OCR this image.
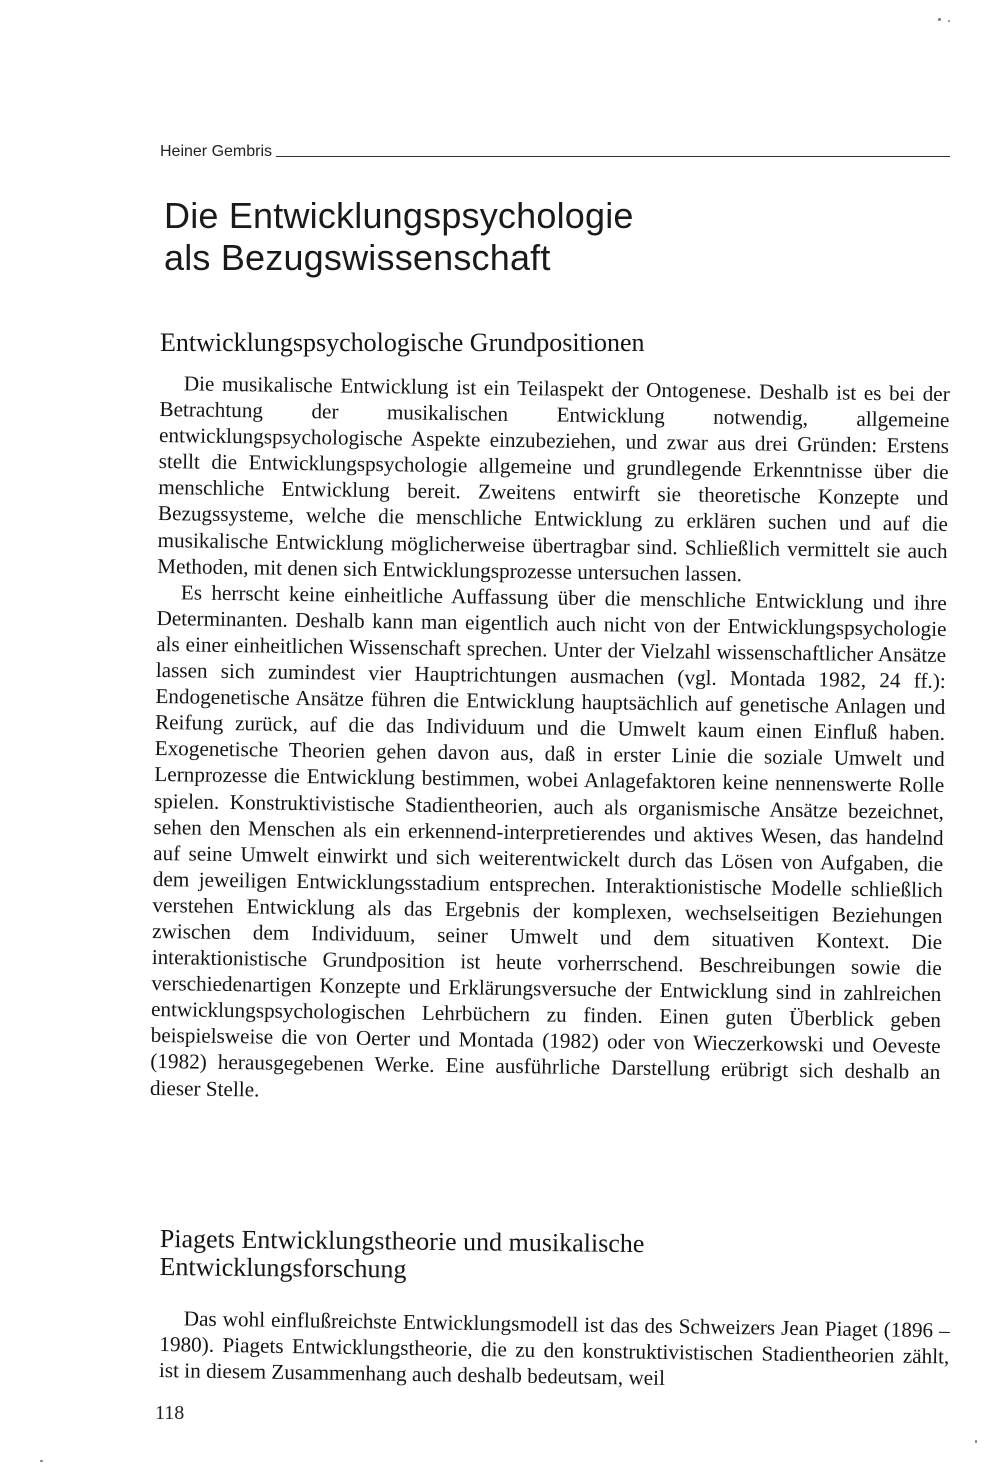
Heiner Gembris
Die Entwicklungspsychologie
als Bezugswissenschaft
Entwicklungspsychologische Grundpositionen

Die musikalische Entwicklung ist ein Teilaspekt der Ontogenese. Deshalb ist es bei der Betrachtung der musikalischen Entwicklung notwendig, allgemeine entwicklungspsychologische Aspekte einzubeziehen, und zwar aus drei Gründen: Erstens stellt die Entwicklungspsychologie allgemeine und grundlegende Erkenntnisse über die menschliche Entwicklung bereit. Zweitens entwirft sie theoretische Konzepte und Bezugssysteme, welche die menschliche Entwicklung zu erklären suchen und auf die musikalische Entwicklung möglicherweise übertragbar sind. Schließlich vermittelt sie auch Methoden, mit denen sich Entwicklungsprozesse untersuchen lassen.

Es herrscht keine einheitliche Auffassung über die menschliche Entwicklung und ihre Determinanten. Deshalb kann man eigentlich auch nicht von der Entwicklungspsychologie als einer einheitlichen Wissenschaft sprechen. Unter der Vielzahl wissenschaftlicher Ansätze lassen sich zumindest vier Hauptrichtungen ausmachen (vgl. Montada 1982, 24 ff.): Endogenetische Ansätze führen die Entwicklung hauptsächlich auf genetische Anlagen und Reifung zurück, auf die das Individuum und die Umwelt kaum einen Einfluß haben. Exogenetische Theorien gehen davon aus, daß in erster Linie die soziale Umwelt und Lernprozesse die Entwicklung bestimmen, wobei Anlagefaktoren keine nennenswerte Rolle spielen. Konstruktivistische Stadientheorien, auch als organismische Ansätze bezeichnet, sehen den Menschen als ein erkennend-interpretierendes und aktives Wesen, das handelnd auf seine Umwelt einwirkt und sich weiterentwickelt durch das Lösen von Aufgaben, die dem jeweiligen Entwicklungsstadium entsprechen. Interaktionistische Modelle schließlich verstehen Entwicklung als das Ergebnis der komplexen, wechselseitigen Beziehungen zwischen dem Individuum, seiner Umwelt und dem situativen Kontext. Die interaktionistische Grundposition ist heute vorherrschend. Beschreibungen sowie die verschiedenartigen Konzepte und Erklärungsversuche der Entwicklung sind in zahlreichen entwicklungspsychologischen Lehrbüchern zu finden. Einen guten Überblick geben beispielsweise die von Oerter und Montada (1982) oder von Wieczerkowski und Oeveste (1982) herausgegebenen Werke. Eine ausführliche Darstellung erübrigt sich deshalb an dieser Stelle.

Piagets Entwicklungstheorie und musikalische
Entwicklungsforschung

Das wohl einflußreichste Entwicklungsmodell ist das des Schweizers Jean Piaget (1896 – 1980). Piagets Entwicklungstheorie, die zu den konstruktivistischen Stadientheorien zählt, ist in diesem Zusammenhang auch deshalb bedeutsam, weil

118
